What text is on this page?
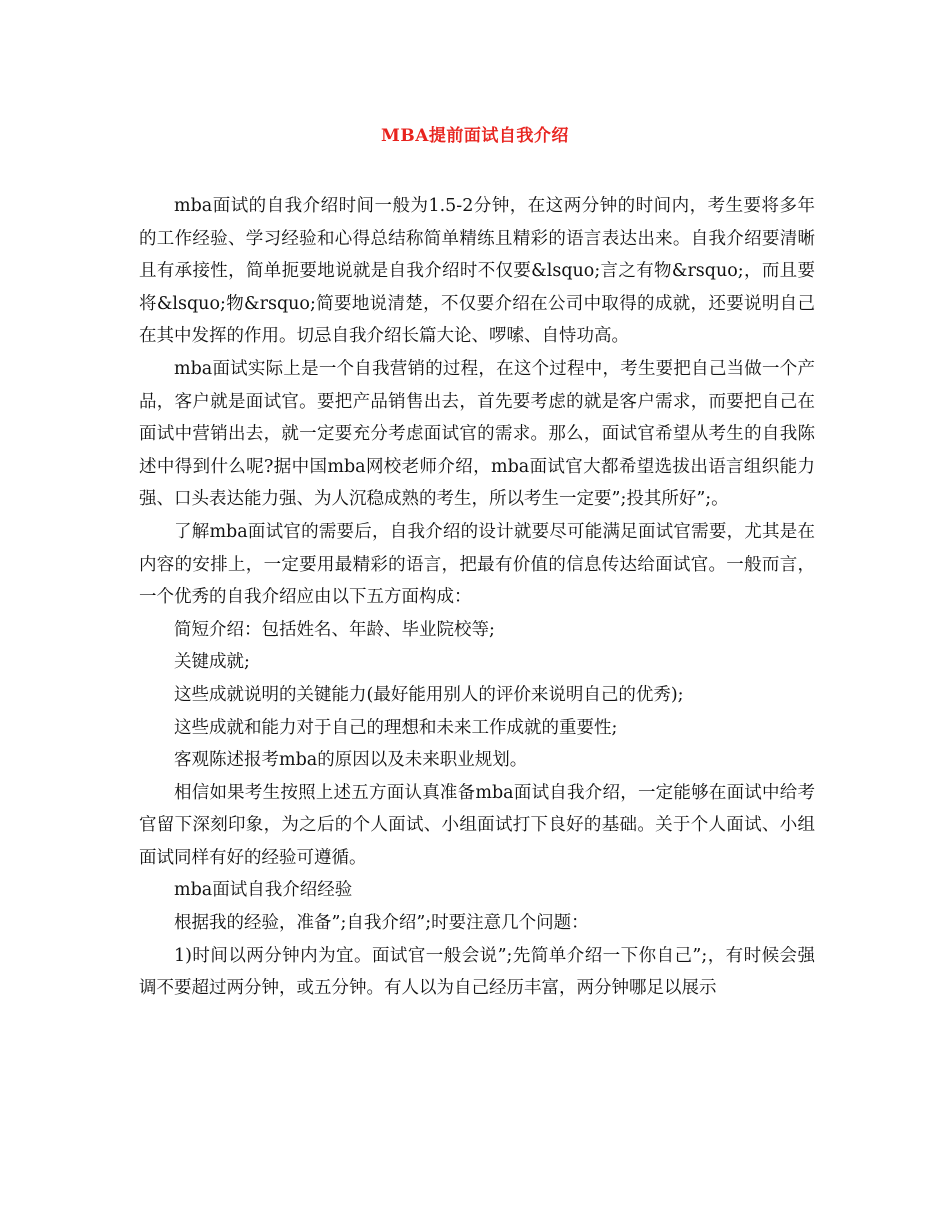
MBA提前面试自我介绍

mba面试的自我介绍时间一般为1.5-2分钟，在这两分钟的时间内，考生要将多年的工作经验、学习经验和心得总结称简单精练且精彩的语言表达出来。自我介绍要清晰且有承接性，简单扼要地说就是自我介绍时不仅要&lsquo;言之有物&rsquo;，而且要将&lsquo;物&rsquo;简要地说清楚，不仅要介绍在公司中取得的成就，还要说明自己在其中发挥的作用。切忌自我介绍长篇大论、啰嗦、自恃功高。

mba面试实际上是一个自我营销的过程，在这个过程中，考生要把自己当做一个产品，客户就是面试官。要把产品销售出去，首先要考虑的就是客户需求，而要把自己在面试中营销出去，就一定要充分考虑面试官的需求。那么，面试官希望从考生的自我陈述中得到什么呢?据中国mba网校老师介绍，mba面试官大都希望选拔出语言组织能力强、口头表达能力强、为人沉稳成熟的考生，所以考生一定要”;投其所好”;。

了解mba面试官的需要后，自我介绍的设计就要尽可能满足面试官需要，尤其是在内容的安排上，一定要用最精彩的语言，把最有价值的信息传达给面试官。一般而言，一个优秀的自我介绍应由以下五方面构成：

简短介绍：包括姓名、年龄、毕业院校等;

关键成就;

这些成就说明的关键能力(最好能用别人的评价来说明自己的优秀);

这些成就和能力对于自己的理想和未来工作成就的重要性;

客观陈述报考mba的原因以及未来职业规划。

相信如果考生按照上述五方面认真准备mba面试自我介绍，一定能够在面试中给考官留下深刻印象，为之后的个人面试、小组面试打下良好的基础。关于个人面试、小组面试同样有好的经验可遵循。

mba面试自我介绍经验

根据我的经验，准备”;自我介绍”;时要注意几个问题：

1)时间以两分钟内为宜。面试官一般会说”;先简单介绍一下你自己”;，有时候会强调不要超过两分钟，或五分钟。有人以为自己经历丰富，两分钟哪足以展示
